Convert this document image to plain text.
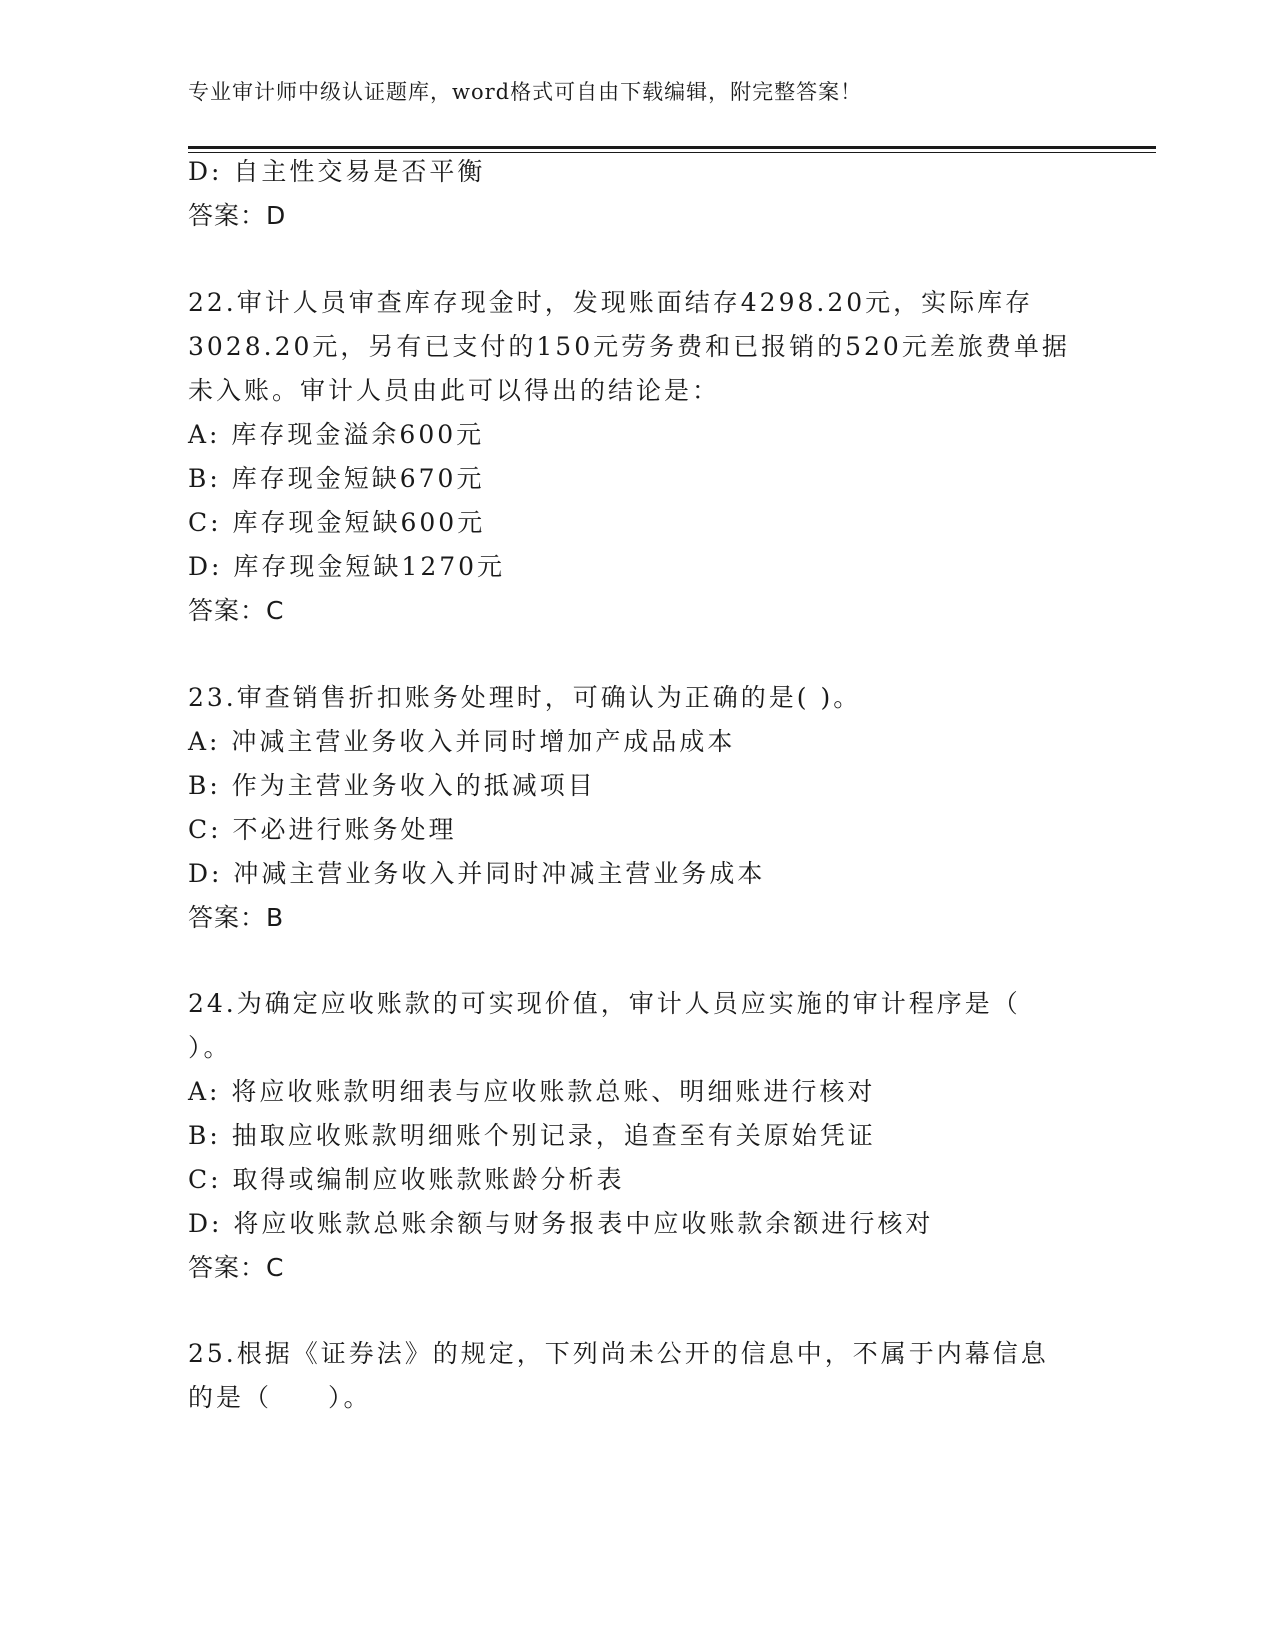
专业审计师中级认证题库，word格式可自由下载编辑，附完整答案！
D: 自主性交易是否平衡
答案：D
22.审计人员审查库存现金时，发现账面结存4298.20元，实际库存
3028.20元，另有已支付的150元劳务费和已报销的520元差旅费单据
未入账。审计人员由此可以得出的结论是：
A: 库存现金溢余600元
B: 库存现金短缺670元
C: 库存现金短缺600元
D: 库存现金短缺1270元
答案：C
23.审查销售折扣账务处理时，可确认为正确的是( )。
A: 冲减主营业务收入并同时增加产成品成本
B: 作为主营业务收入的抵减项目
C: 不必进行账务处理
D: 冲减主营业务收入并同时冲减主营业务成本
答案：B
24.为确定应收账款的可实现价值，审计人员应实施的审计程序是（
）。
A: 将应收账款明细表与应收账款总账、明细账进行核对
B: 抽取应收账款明细账个别记录，追查至有关原始凭证
C: 取得或编制应收账款账龄分析表
D: 将应收账款总账余额与财务报表中应收账款余额进行核对
答案：C
25.根据《证券法》的规定，下列尚未公开的信息中，不属于内幕信息
的是（　　）。
